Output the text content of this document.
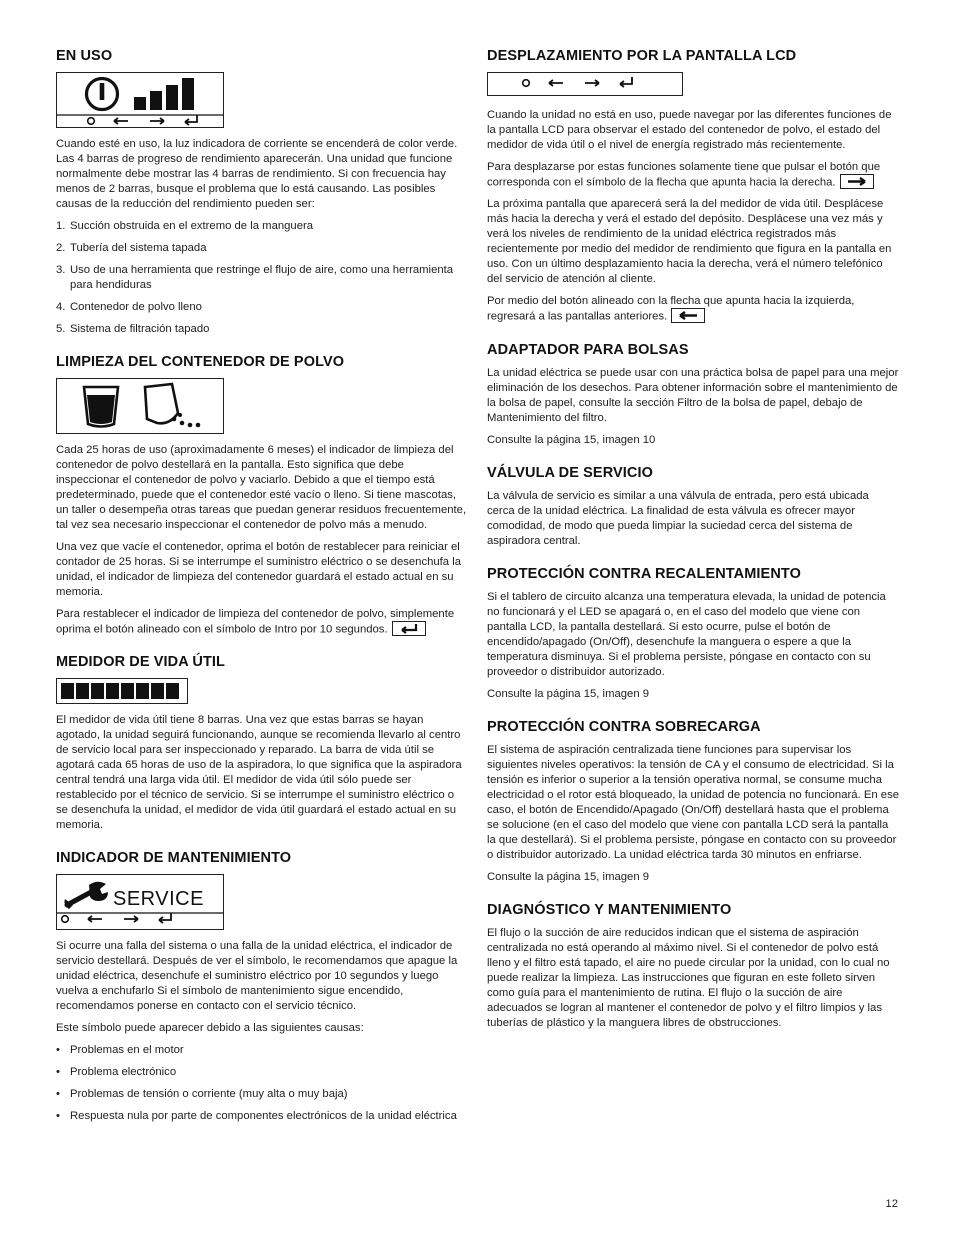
EN USO

Cuando esté en uso, la luz indicadora de corriente se encenderá de color verde. Las 4 barras de progreso de rendimiento aparecerán. Una unidad que funcione normalmente debe mostrar las 4 barras de rendimiento. Si con frecuencia hay menos de 2 barras, busque el problema que lo está causando. Las posibles causas de la reducción del rendimiento pueden ser:

1. Succión obstruida en el extremo de la manguera
2. Tubería del sistema tapada
3. Uso de una herramienta que restringe el flujo de aire, como una herramienta para hendiduras
4. Contenedor de polvo lleno
5. Sistema de filtración tapado
LIMPIEZA DEL CONTENEDOR DE POLVO

Cada 25 horas de uso (aproximadamente 6 meses) el indicador de limpieza del contenedor de polvo destellará en la pantalla. Esto significa que debe inspeccionar el contenedor de polvo y vaciarlo. Debido a que el tiempo está predeterminado, puede que el contenedor esté vacío o lleno. Si tiene mascotas, un taller o desempeña otras tareas que puedan generar residuos frecuentemente, tal vez sea necesario inspeccionar el contenedor de polvo más a menudo.

Una vez que vacíe el contenedor, oprima el botón de restablecer para reiniciar el contador de 25 horas. Si se interrumpe el suministro eléctrico o se desenchufa la unidad, el indicador de limpieza del contenedor guardará el estado actual en su memoria.

Para restablecer el indicador de limpieza del contenedor de polvo, simplemente oprima el botón alineado con el símbolo de Intro por 10 segundos.

MEDIDOR DE VIDA ÚTIL

El medidor de vida útil tiene 8 barras. Una vez que estas barras se hayan agotado, la unidad seguirá funcionando, aunque se recomienda llevarlo al centro de servicio local para ser inspeccionado y reparado. La barra de vida útil se agotará cada 65 horas de uso de la aspiradora, lo que significa que la aspiradora central tendrá una larga vida útil. El medidor de vida útil sólo puede ser restablecido por el técnico de servicio. Si se interrumpe el suministro eléctrico o se desenchufa la unidad, el medidor de vida útil guardará el estado actual en su memoria.

INDICADOR DE MANTENIMIENTO
SERVICE

Si ocurre una falla del sistema o una falla de la unidad eléctrica, el indicador de servicio destellará. Después de ver el símbolo, le recomendamos que apague la unidad eléctrica, desenchufe el suministro eléctrico por 10 segundos y luego vuelva a enchufarlo Si el símbolo de mantenimiento sigue encendido, recomendamos ponerse en contacto con el servicio técnico.

Este símbolo puede aparecer debido a las siguientes causas:

• Problemas en el motor
• Problema electrónico
• Problemas de tensión o corriente (muy alta o muy baja)
• Respuesta nula por parte de componentes electrónicos de la unidad eléctrica
DESPLAZAMIENTO POR LA PANTALLA LCD

Cuando la unidad no está en uso, puede navegar por las diferentes funciones de la pantalla LCD para observar el estado del contenedor de polvo, el estado del medidor de vida útil o el nivel de energía registrado más recientemente.

Para desplazarse por estas funciones solamente tiene que pulsar el botón que corresponda con el símbolo de la flecha que apunta hacia la derecha.

La próxima pantalla que aparecerá será la del medidor de vida útil. Desplácese más hacia la derecha y verá el estado del depósito. Desplácese una vez más y verá los niveles de rendimiento de la unidad eléctrica registrados más recientemente por medio del medidor de rendimiento que figura en la pantalla en uso. Con un último desplazamiento hacia la derecha, verá el número telefónico del servicio de atención al cliente.

Por medio del botón alineado con la flecha que apunta hacia la izquierda, regresará a las pantallas anteriores.

ADAPTADOR PARA BOLSAS

La unidad eléctrica se puede usar con una práctica bolsa de papel para una mejor eliminación de los desechos. Para obtener información sobre el mantenimiento de la bolsa de papel, consulte la sección Filtro de la bolsa de papel, debajo de Mantenimiento del filtro.

Consulte la página 15, imagen 10

VÁLVULA DE SERVICIO

La válvula de servicio es similar a una válvula de entrada, pero está ubicada cerca de la unidad eléctrica. La finalidad de esta válvula es ofrecer mayor comodidad, de modo que pueda limpiar la suciedad cerca del sistema de aspiradora central.

PROTECCIÓN CONTRA RECALENTAMIENTO

Si el tablero de circuito alcanza una temperatura elevada, la unidad de potencia no funcionará y el LED se apagará o, en el caso del modelo que viene con pantalla LCD, la pantalla destellará. Si esto ocurre, pulse el botón de encendido/apagado (On/Off), desenchufe la manguera o espere a que la temperatura disminuya. Si el problema persiste, póngase en contacto con su proveedor o distribuidor autorizado.

Consulte la página 15, imagen 9

PROTECCIÓN CONTRA SOBRECARGA

El sistema de aspiración centralizada tiene funciones para supervisar los siguientes niveles operativos: la tensión de CA y el consumo de electricidad. Si la tensión es inferior o superior a la tensión operativa normal, se consume mucha electricidad o el rotor está bloqueado, la unidad de potencia no funcionará. En ese caso, el botón de Encendido/Apagado (On/Off) destellará hasta que el problema se solucione (en el caso del modelo que viene con pantalla LCD será la pantalla la que destellará). Si el problema persiste, póngase en contacto con su proveedor o distribuidor autorizado. La unidad eléctrica tarda 30 minutos en enfriarse.

Consulte la página 15, imagen 9

DIAGNÓSTICO Y MANTENIMIENTO

El flujo o la succión de aire reducidos indican que el sistema de aspiración centralizada no está operando al máximo nivel. Si el contenedor de polvo está lleno y el filtro está tapado, el aire no puede circular por la unidad, con lo cual no puede realizar la limpieza. Las instrucciones que figuran en este folleto sirven como guía para el mantenimiento de rutina. El flujo o la succión de aire adecuados se logran al mantener el contenedor de polvo y el filtro limpios y las tuberías de plástico y la manguera libres de obstrucciones.

12
